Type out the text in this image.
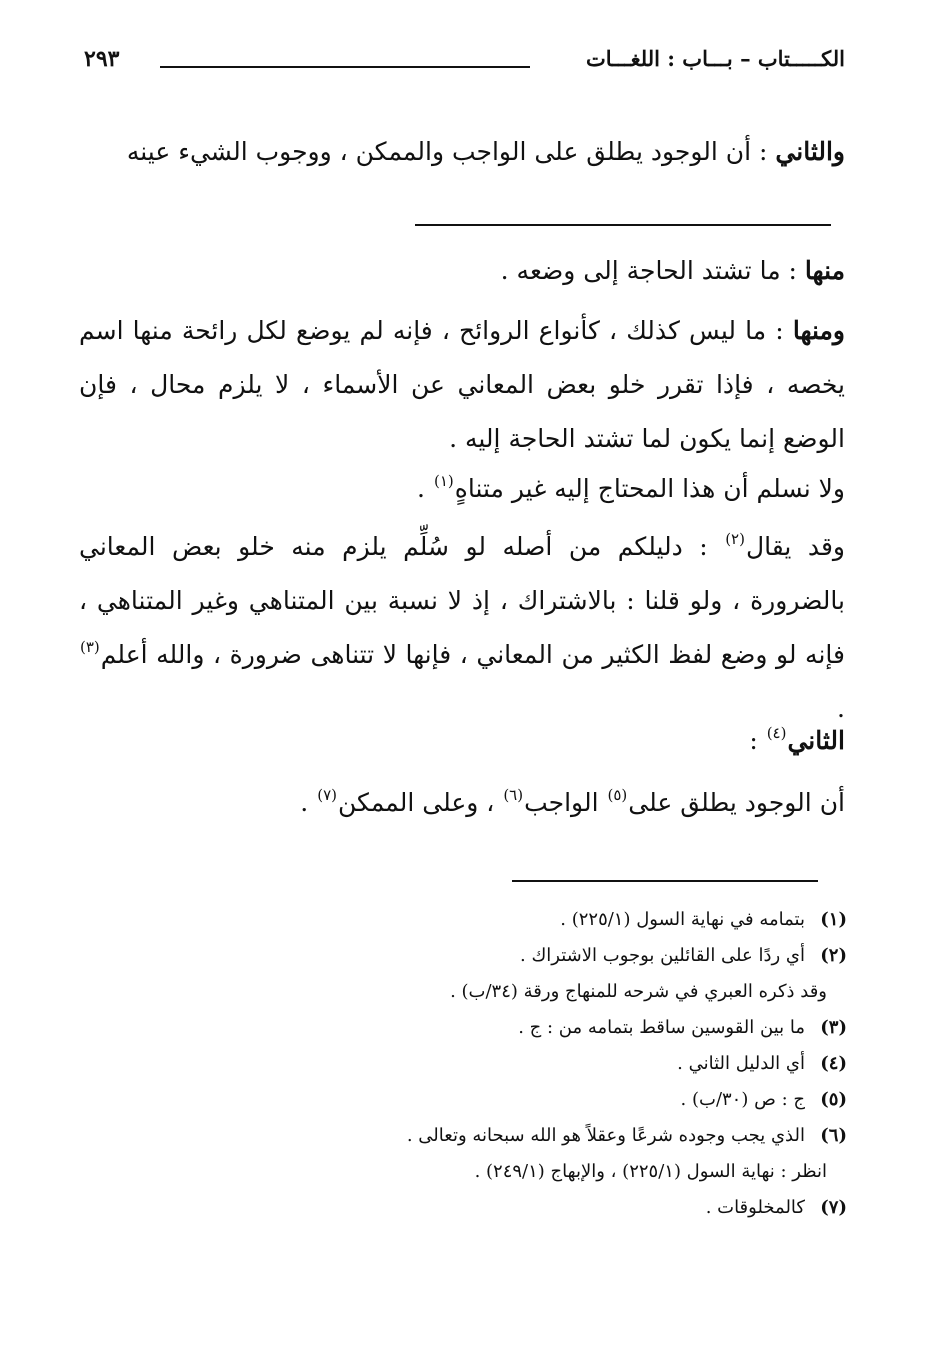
الكـــــتاب – بـــاب : اللغـــات
٢٩٣
والثاني : أن الوجود يطلق على الواجب والممكن ، ووجوب الشيء عينه
منها : ما تشتد الحاجة إلى وضعه .
ومنها : ما ليس كذلك ، كأنواع الروائح ، فإنه لم يوضع لكل رائحة منها اسم يخصه ، فإذا تقرر خلو بعض المعاني عن الأسماء ، لا يلزم محال ، فإن الوضع إنما يكون لما تشتد الحاجة إليه .
ولا نسلم أن هذا المحتاج إليه غير متناهٍ$^{(١)}$ .
وقد يقال$^{(٢)}$ : دليلكم من أصله لو سُلِّم يلزم منه خلو بعض المعاني بالضرورة ، ولو قلنا : بالاشتراك ، إذ لا نسبة بين المتناهي وغير المتناهي ، فإنه لو وضع لفظ الكثير من المعاني ، فإنها لا تتناهى ضرورة ، والله أعلم$^{(٣)}$ .
الثاني$^{(٤)}$ :
أن الوجود يطلق على$^{(٥)}$ الواجب$^{(٦)}$ ، وعلى الممكن$^{(٧)}$ .
(١)بتمامه في نهاية السول (٢٢٥/١) .
(٢)أي ردًا على القائلين بوجوب الاشتراك .
وقد ذكره العبري في شرحه للمنهاج ورقة (٣٤/ب) .
(٣)ما بين القوسين ساقط بتمامه من : ج .
(٤)أي الدليل الثاني .
(٥)ج : ص (٣٠/ب) .
(٦)الذي يجب وجوده شرعًا وعقلاً هو الله سبحانه وتعالى .
انظر : نهاية السول (٢٢٥/١) ، والإبهاج (٢٤٩/١) .
(٧)كالمخلوقات .
